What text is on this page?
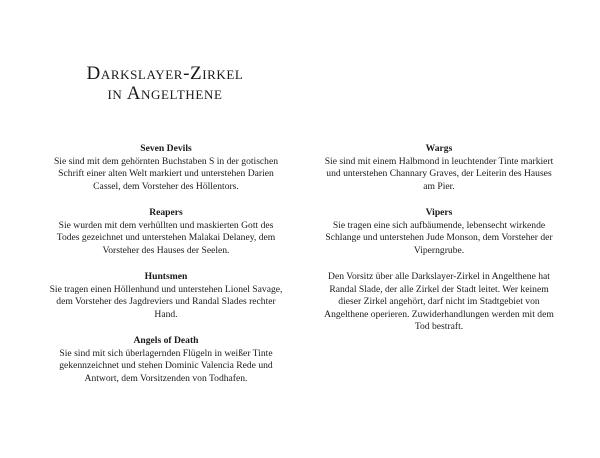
Darkslayer-Zirkel
in Angelthene
Seven Devils
Sie sind mit dem gehörnten Buchstaben S in der gotischen
Schrift einer alten Welt markiert und unterstehen Darien
Cassel, dem Vorsteher des Höllentors.
Reapers
Sie wurden mit dem verhüllten und maskierten Gott des
Todes gezeichnet und unterstehen Malakai Delaney, dem
Vorsteher des Hauses der Seelen.
Huntsmen
Sie tragen einen Höllenhund und unterstehen Lionel Savage,
dem Vorsteher des Jagdreviers und Randal Slades rechter
Hand.
Angels of Death
Sie sind mit sich überlagernden Flügeln in weißer Tinte
gekennzeichnet und stehen Dominic Valencia Rede und
Antwort, dem Vorsitzenden von Todhafen.
Wargs
Sie sind mit einem Halbmond in leuchtender Tinte markiert
und unterstehen Channary Graves, der Leiterin des Hauses
am Pier.
Vipers
Sie tragen eine sich aufbäumende, lebensecht wirkende
Schlange und unterstehen Jude Monson, dem Vorsteher der
Viperngrube.
Den Vorsitz über alle Darkslayer-Zirkel in Angelthene hat
Randal Slade, der alle Zirkel der Stadt leitet. Wer keinem
dieser Zirkel angehört, darf nicht im Stadtgebiet von
Angelthene operieren. Zuwiderhandlungen werden mit dem
Tod bestraft.
